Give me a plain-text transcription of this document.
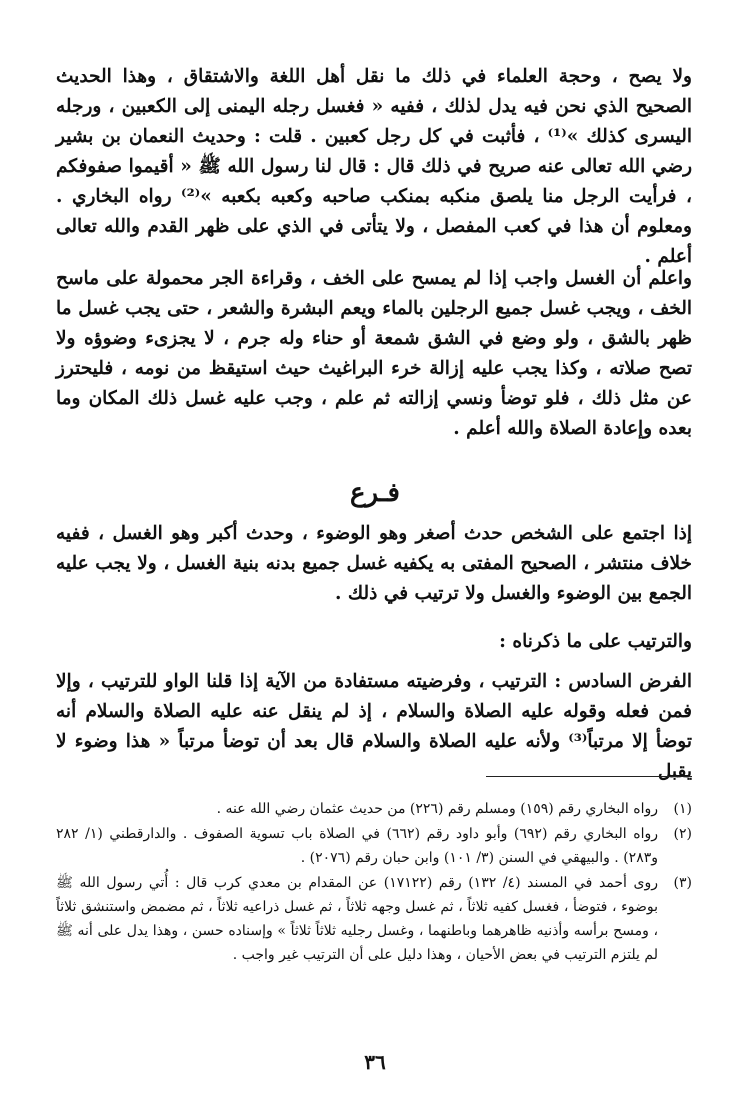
ولا يصح ، وحجة العلماء في ذلك ما نقل أهل اللغة والاشتقاق ، وهذا الحديث الصحيح الذي نحن فيه يدل لذلك ، ففيه « فغسل رجله اليمنى إلى الكعبين ، ورجله اليسرى كذلك »⁽¹⁾ ، فأثبت في كل رجل كعبين . قلت : وحديث النعمان بن بشير رضي الله تعالى عنه صريح في ذلك قال : قال لنا رسول الله ﷺ « أقيموا صفوفكم ، فرأيت الرجل منا يلصق منكبه بمنكب صاحبه وكعبه بكعبه »⁽²⁾ رواه البخاري . ومعلوم أن هذا في كعب المفصل ، ولا يتأتى في الذي على ظهر القدم والله تعالى أعلم .

واعلم أن الغسل واجب إذا لم يمسح على الخف ، وقراءة الجر محمولة على ماسح الخف ، ويجب غسل جميع الرجلين بالماء ويعم البشرة والشعر ، حتى يجب غسل ما ظهر بالشق ، ولو وضع في الشق شمعة أو حناء وله جرم ، لا يجزىء وضوؤه ولا تصح صلاته ، وكذا يجب عليه إزالة خرء البراغيث حيث استيقظ من نومه ، فليحترز عن مثل ذلك ، فلو توضأ ونسي إزالته ثم علم ، وجب عليه غسل ذلك المكان وما بعده وإعادة الصلاة والله أعلم .

فـرع

إذا اجتمع على الشخص حدث أصغر وهو الوضوء ، وحدث أكبر وهو الغسل ، ففيه خلاف منتشر ، الصحيح المفتى به يكفيه غسل جميع بدنه بنية الغسل ، ولا يجب عليه الجمع بين الوضوء والغسل ولا ترتيب في ذلك .

والترتيب على ما ذكرناه :

الفرض السادس : الترتيب ، وفرضيته مستفادة من الآية إذا قلنا الواو للترتيب ، وإلا فمن فعله وقوله عليه الصلاة والسلام ، إذ لم ينقل عنه عليه الصلاة والسلام أنه توضأ إلا مرتباً⁽³⁾ ولأنه عليه الصلاة والسلام قال بعد أن توضأ مرتباً « هذا وضوء لا يقبل

(١)
رواه البخاري رقم (١٥٩) ومسلم رقم (٢٢٦) من حديث عثمان رضي الله عنه .
(٢)
رواه البخاري رقم (٦٩٢) وأبو داود رقم (٦٦٢) في الصلاة باب تسوية الصفوف . والدارقطني (١/ ٢٨٢ و٢٨٣) . والبيهقي في السنن (٣/ ١٠١) وابن حبان رقم (٢٠٧٦) .
(٣)
روى أحمد في المسند (٤/ ١٣٢) رقم (١٧١٢٢) عن المقدام بن معدي كرب قال : أُتي رسول الله ﷺ بوضوء ، فتوضأ ، فغسل كفيه ثلاثاً ، ثم غسل وجهه ثلاثاً ، ثم غسل ذراعيه ثلاثاً ، ثم مضمض واستنشق ثلاثاً ، ومسح برأسه وأذنيه ظاهرهما وباطنهما ، وغسل رجليه ثلاثاً ثلاثاً » وإسناده حسن ، وهذا يدل على أنه ﷺ لم يلتزم الترتيب في بعض الأحيان ، وهذا دليل على أن الترتيب غير واجب .
٣٦
